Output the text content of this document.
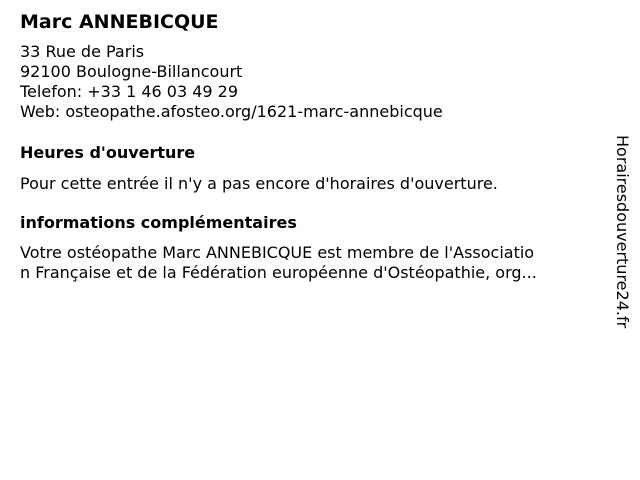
Marc ANNEBICQUE
33 Rue de Paris
92100 Boulogne-Billancourt
Telefon: +33 1 46 03 49 29
Web: osteopathe.afosteo.org/1621-marc-annebicque
Heures d'ouverture
Pour cette entrée il n'y a pas encore d'horaires d'ouverture.
informations complémentaires
Votre ostéopathe Marc ANNEBICQUE est membre de l'Associatio
n Française et de la Fédération européenne d'Ostéopathie, org...	Horairesdouverture24.fr
